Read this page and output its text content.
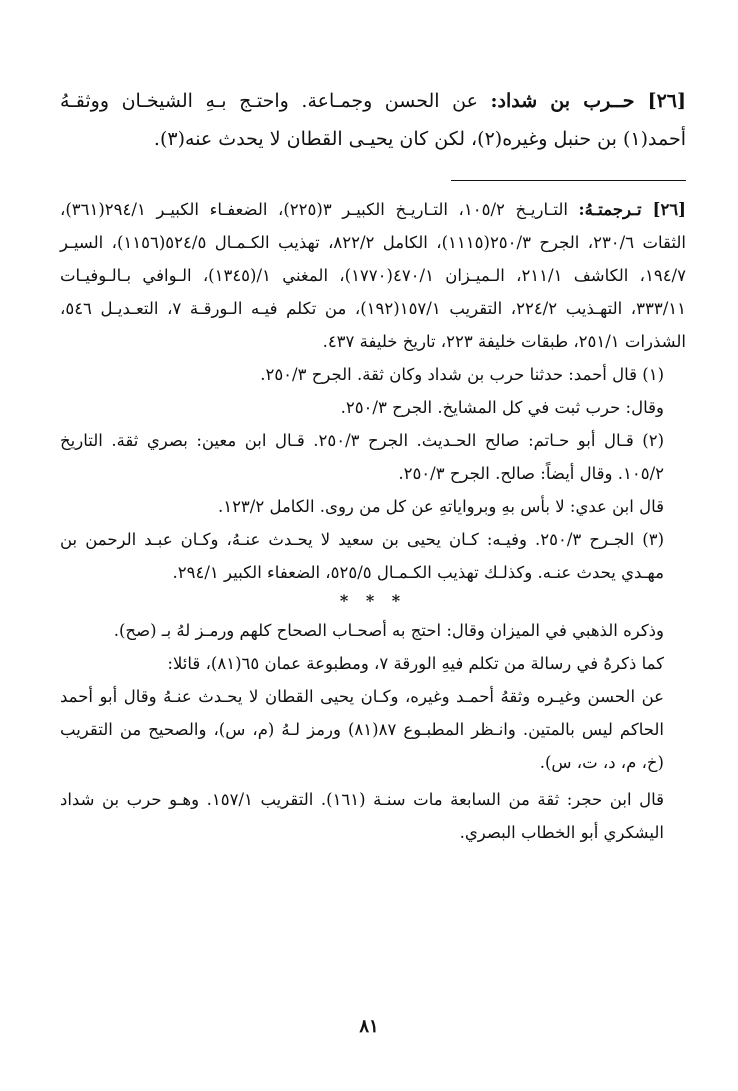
[٢٦] حــرب بن شداد: عن الحسن وجمـاعة. واحتـج بـهِ الشيخـان ووثقـهُ أحمد(١) بن حنبل وغيره(٢)، لكن كان يحيـى القطان لا يحدث عنه(٣).

[٢٦] تـرجمتـهُ: التـاريـخ ١٠٥/٢، التـاريـخ الكبيـر ٣(٢٢٥)، الضعفـاء الكبيـر ٢٩٤/١(٣٦١)، الثقات ٢٣٠/٦، الجرح ٢٥٠/٣(١١١٥)، الكامل ٨٢٢/٢، تهذيب الكـمـال ٥٢٤/٥(١١٥٦)، السيـر ١٩٤/٧، الكاشف ٢١١/١، الـميـزان ٤٧٠/١(١٧٧٠)، المغني ١/(١٣٤٥)، الـوافي بـالـوفيـات ٣٣٣/١١، التهـذيب ٢٢٤/٢، التقريب ١٥٧/١(١٩٢)، من تكلم فيـه الـورقـة ٧، التعـديـل ٥٤٦، الشذرات ٢٥١/١، طبقات خليفة ٢٢٣، تاريخ خليفة ٤٣٧.

(١) قال أحمد: حدثنا حرب بن شداد وكان ثقة. الجرح ٢٥٠/٣.

وقال: حرب ثبت في كل المشايخ. الجرح ٢٥٠/٣.

(٢) قـال أبو حـاتم: صالح الحـديث. الجرح ٢٥٠/٣. قـال ابن معين: بصري ثقة. التاريخ ١٠٥/٢. وقال أيضاً: صالح. الجرح ٢٥٠/٣.

قال ابن عدي: لا بأس بهِ وبرواياتهِ عن كل من روى. الكامل ١٢٣/٢.

(٣) الجـرح ٢٥٠/٣. وفيـه: كـان يحيى بن سعيد لا يحـدث عنـهُ، وكـان عبـد الرحمن بن مهـدي يحدث عنـه. وكذلـك تهذيب الكـمـال ٥٢٥/٥، الضعفاء الكبير ٢٩٤/١.

* * *

وذكره الذهبي في الميزان وقال: احتج به أصحـاب الصحاح كلهم ورمـز لهُ بـ (صح).

كما ذكرهُ في رسالة من تكلم فيهِ الورقة ٧، ومطبوعة عمان ٦٥(٨١)، قائلا:

عن الحسن وغيـره وثقهُ أحمـد وغيره، وكـان يحيى القطان لا يحـدث عنـهُ وقال أبو أحمد الحاكم ليس بالمتين. وانـظر المطبـوع ٨٧(٨١) ورمز لـهُ (م، س)، والصحيح من التقريب (خ، م، د، ت، س).

قال ابن حجر: ثقة من السابعة مات سنـة (١٦١). التقريب ١٥٧/١. وهـو حرب بن شداد اليشكري أبو الخطاب البصري.

٨١
